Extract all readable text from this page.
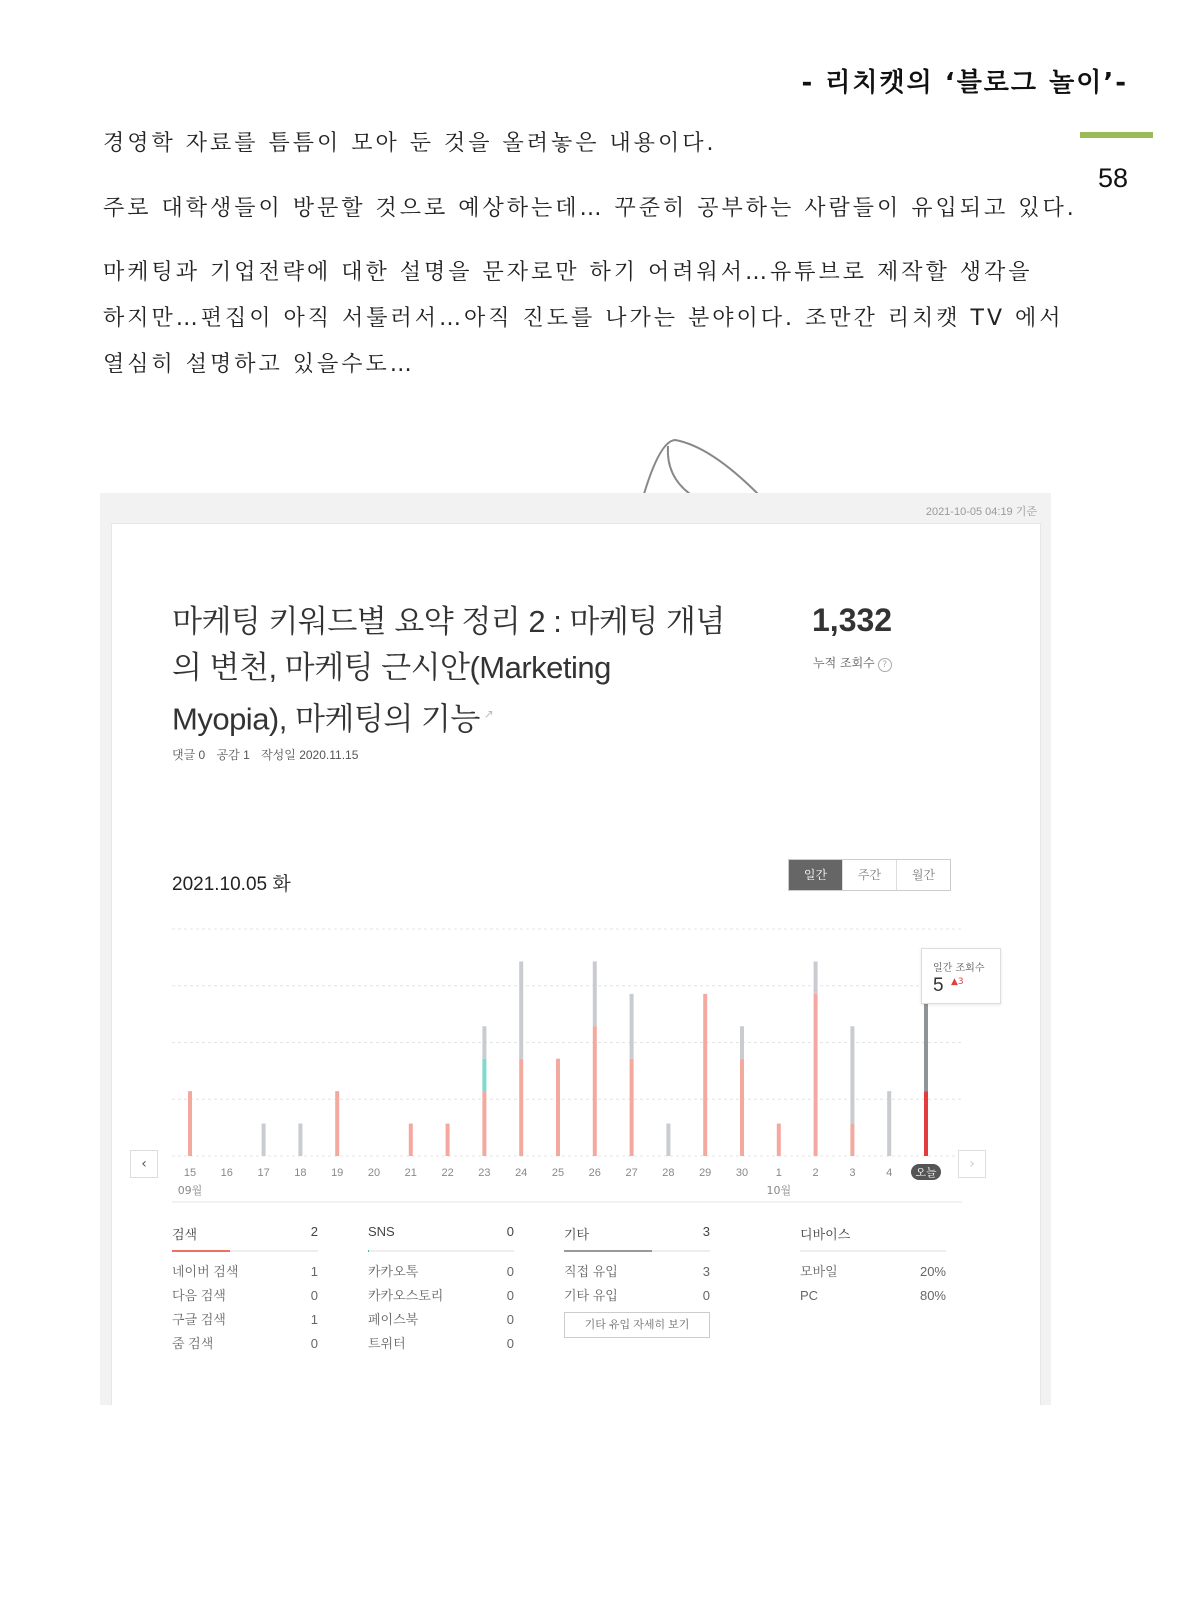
- 리치캣의 ‘블로그 놀이’-
58
경영학 자료를 틈틈이 모아 둔 것을 올려놓은 내용이다.
주로 대학생들이 방문할 것으로 예상하는데… 꾸준히 공부하는 사람들이 유입되고 있다.
마케팅과 기업전략에 대한 설명을 문자로만 하기 어려워서…유튜브로 제작할 생각을
하지만…편집이 아직 서툴러서…아직 진도를 나가는 분야이다. 조만간 리치캣 TV 에서
열심히 설명하고 있을수도…
2021-10-05 04:19 기준
마케팅 키워드별 요약 정리 2 : 마케팅 개념의 변천, 마케팅 근시안(Marketing Myopia), 마케팅의 기능 ↗
댓글 0 공감 1 작성일 2020.11.15
1,332
누적 조회수 ?
2021.10.05 화	일간	주간	월간
15 16 17 18 19 20 21 22 23 24 25 26 27 28 29 30	1	2	3	4 오늘
09월	10월
‹	›
일간 조회수
5 ▲3
검색	2
네이버 검색	1
다음 검색	0
구글 검색	1
줌 검색	0
SNS	0
카카오톡	0
카카오스토리	0
페이스북	0
트위터	0
기타	3
직접 유입	3
기타 유입	0
기타 유입 자세히 보기
디바이스
모바일	20%
PC	80%
